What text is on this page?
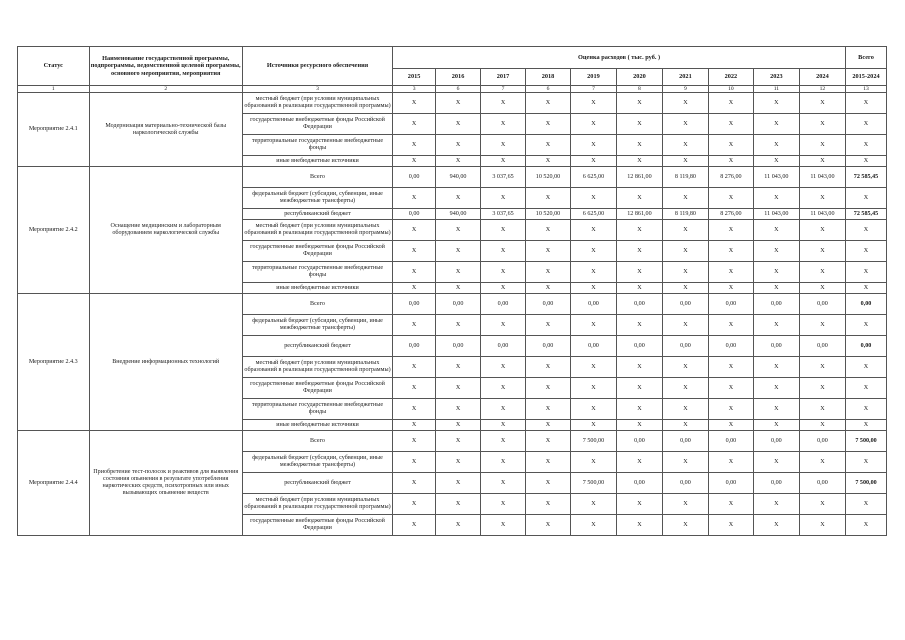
Статус	Наименование государственной программы, подпрограммы, ведомственной целевой программы, основного мероприятия, мероприятия	Источники ресурсного обеспечения	Оценка расходов ( тыс. руб. )										Всего
			2015	2016	2017	2018	2019	2020	2021	2022	2023	2024	2015-2024
1	2	3	3	6	7	6	7	8	9	10	11	12	13
Мероприятие 2.4.1	Модернизация материально-технической базы наркологической службы	местный бюджет (при условии муниципальных образований в реализации государственной программы)	X	X	X	X	X	X	X	X	X	X	X
		государственные внебюджетные фонды Российской Федерации	X	X	X	X	X	X	X	X	X	X	X
		территориальные государственные внебюджетные фонды	X	X	X	X	X	X	X	X	X	X	X
		иные внебюджетные источники	X	X	X	X	X	X	X	X	X	X	X
Мероприятие 2.4.2	Оснащение медицинским и лабораторным оборудованием наркологической службы	Всего	0,00	940,00	3 037,65	10 520,00	6 625,00	12 861,00	8 119,80	8 276,00	11 043,00	11 043,00	72 585,45
		федеральный бюджет (субсидии, субвенции, иные межбюджетные трансферты)	X	X	X	X	X	X	X	X	X	X	X
		республиканский бюджет	0,00	940,00	3 037,65	10 520,00	6 625,00	12 861,00	8 119,80	8 276,00	11 043,00	11 043,00	72 585,45
		местный бюджет (при условии муниципальных образований в реализации государственной программы)	X	X	X	X	X	X	X	X	X	X	X
		государственные внебюджетные фонды Российской Федерации	X	X	X	X	X	X	X	X	X	X	X
		территориальные государственные внебюджетные фонды	X	X	X	X	X	X	X	X	X	X	X
		иные внебюджетные источники	X	X	X	X	X	X	X	X	X	X	X
Мероприятие 2.4.3	Внедрение информационных технологий	Всего	0,00	0,00	0,00	0,00	0,00	0,00	0,00	0,00	0,00	0,00	0,00
		федеральный бюджет (субсидии, субвенции, иные межбюджетные трансферты)	X	X	X	X	X	X	X	X	X	X	X
		республиканский бюджет	0,00	0,00	0,00	0,00	0,00	0,00	0,00	0,00	0,00	0,00	0,00
		местный бюджет (при условии муниципальных образований в реализации государственной программы)	X	X	X	X	X	X	X	X	X	X	X
		государственные внебюджетные фонды Российской Федерации	X	X	X	X	X	X	X	X	X	X	X
		территориальные государственные внебюджетные фонды	X	X	X	X	X	X	X	X	X	X	X
		иные внебюджетные источники	X	X	X	X	X	X	X	X	X	X	X
Мероприятие 2.4.4	Приобретение тест-полосок и реактивов для выявления состояния опьянения в результате употребления наркотических средств, психотропных или иных вызывающих опьянение веществ	Всего	X	X	X	X	7 500,00	0,00	0,00	0,00	0,00	0,00	7 500,00
		федеральный бюджет (субсидии, субвенции, иные межбюджетные трансферты)	X	X	X	X	X	X	X	X	X	X	X
		республиканский бюджет	X	X	X	X	7 500,00	0,00	0,00	0,00	0,00	0,00	7 500,00
		местный бюджет (при условии муниципальных образований в реализации государственной программы)	X	X	X	X	X	X	X	X	X	X	X
		государственные внебюджетные фонды Российской Федерации	X	X	X	X	X	X	X	X	X	X	X
